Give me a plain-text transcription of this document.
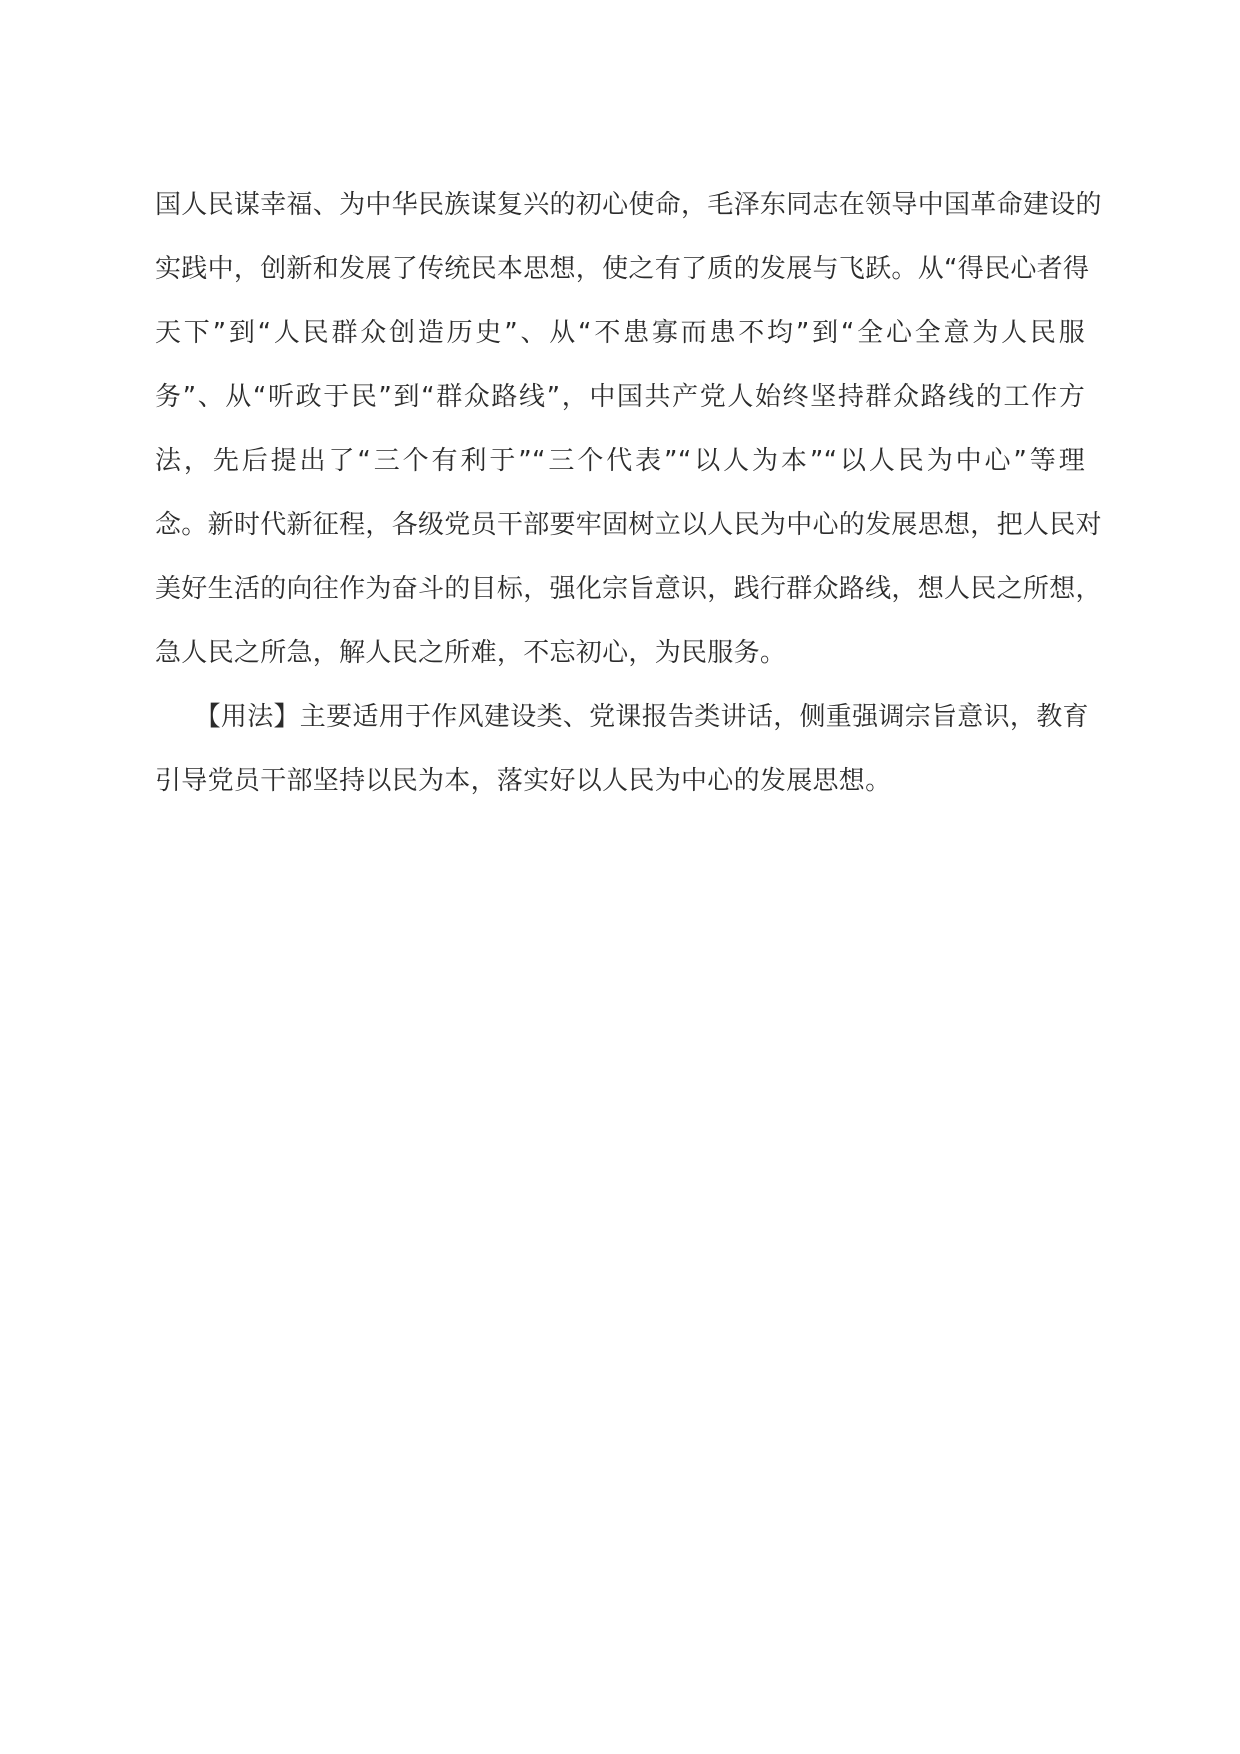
国人民谋幸福、为中华民族谋复兴的初心使命，毛泽东同志在领导中国革命建设的
实践中，创新和发展了传统民本思想，使之有了质的发展与飞跃。从“得民心者得
天下”到“人民群众创造历史”、从“不患寡而患不均”到“全心全意为人民服
务”、从“听政于民”到“群众路线”，中国共产党人始终坚持群众路线的工作方
法，先后提出了“三个有利于”“三个代表”“以人为本”“以人民为中心”等理
念。新时代新征程，各级党员干部要牢固树立以人民为中心的发展思想，把人民对
美好生活的向往作为奋斗的目标，强化宗旨意识，践行群众路线，想人民之所想，
急人民之所急，解人民之所难，不忘初心，为民服务。
　　【用法】主要适用于作风建设类、党课报告类讲话，侧重强调宗旨意识，教育
引导党员干部坚持以民为本，落实好以人民为中心的发展思想。
